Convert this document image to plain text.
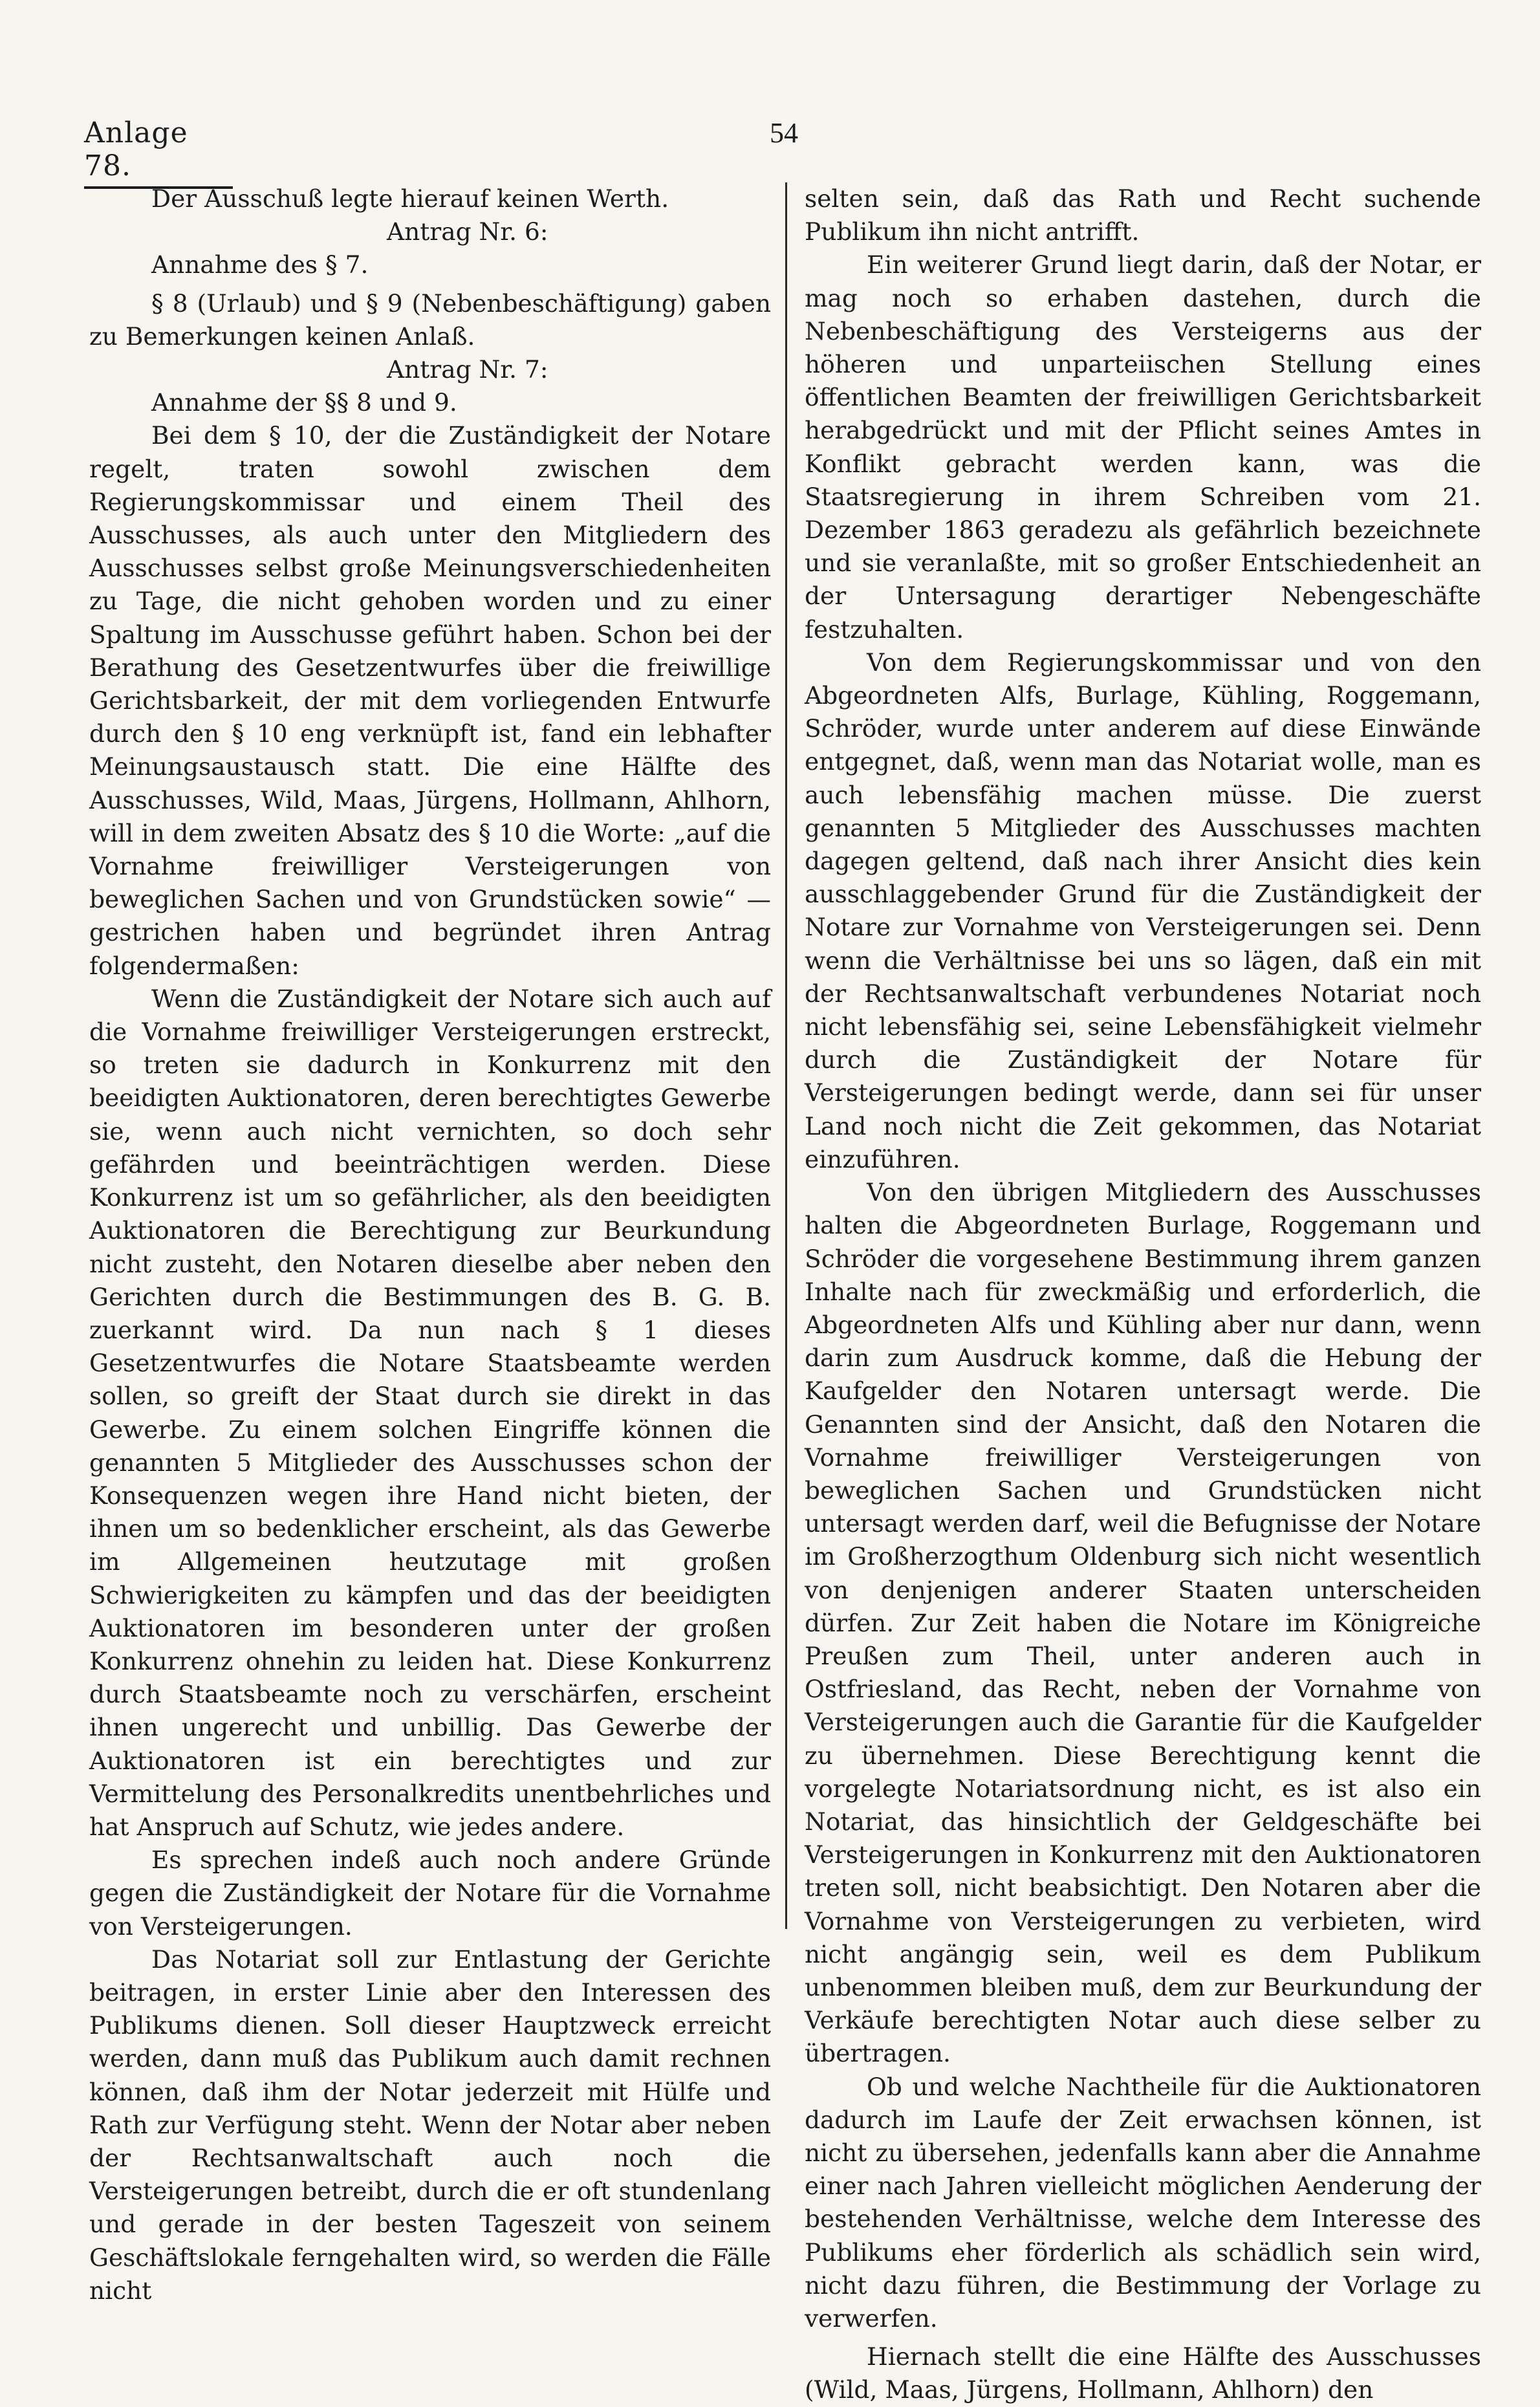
Anlage 78.
54

Der Ausschuß legte hierauf keinen Werth.

Antrag Nr. 6:

Annahme des § 7.

§ 8 (Urlaub) und § 9 (Nebenbeschäftigung) gaben zu Bemerkungen keinen Anlaß.

Antrag Nr. 7:

Annahme der §§ 8 und 9.

Bei dem § 10, der die Zuständigkeit der Notare regelt, traten sowohl zwischen dem Regierungskommissar und einem Theil des Ausschusses, als auch unter den Mitgliedern des Ausschusses selbst große Meinungsverschiedenheiten zu Tage, die nicht gehoben worden und zu einer Spaltung im Ausschusse geführt haben. Schon bei der Berathung des Gesetzentwurfes über die freiwillige Gerichtsbarkeit, der mit dem vorliegenden Entwurfe durch den § 10 eng verknüpft ist, fand ein lebhafter Meinungsaustausch statt. Die eine Hälfte des Ausschusses, Wild, Maas, Jürgens, Hollmann, Ahlhorn, will in dem zweiten Absatz des § 10 die Worte: „auf die Vornahme freiwilliger Versteigerungen von beweglichen Sachen und von Grundstücken sowie“ — gestrichen haben und begründet ihren Antrag folgendermaßen:

Wenn die Zuständigkeit der Notare sich auch auf die Vornahme freiwilliger Versteigerungen erstreckt, so treten sie dadurch in Konkurrenz mit den beeidigten Auktionatoren, deren berechtigtes Gewerbe sie, wenn auch nicht vernichten, so doch sehr gefährden und beeinträchtigen werden. Diese Konkurrenz ist um so gefährlicher, als den beeidigten Auktionatoren die Berechtigung zur Beurkundung nicht zusteht, den Notaren dieselbe aber neben den Gerichten durch die Bestimmungen des B. G. B. zuerkannt wird. Da nun nach § 1 dieses Gesetzentwurfes die Notare Staatsbeamte werden sollen, so greift der Staat durch sie direkt in das Gewerbe. Zu einem solchen Eingriffe können die genannten 5 Mitglieder des Ausschusses schon der Konsequenzen wegen ihre Hand nicht bieten, der ihnen um so bedenklicher erscheint, als das Gewerbe im Allgemeinen heutzutage mit großen Schwierigkeiten zu kämpfen und das der beeidigten Auktionatoren im besonderen unter der großen Konkurrenz ohnehin zu leiden hat. Diese Konkurrenz durch Staatsbeamte noch zu verschärfen, erscheint ihnen ungerecht und unbillig. Das Gewerbe der Auktionatoren ist ein berechtigtes und zur Vermittelung des Personalkredits unentbehrliches und hat Anspruch auf Schutz, wie jedes andere.

Es sprechen indeß auch noch andere Gründe gegen die Zuständigkeit der Notare für die Vornahme von Versteigerungen.

Das Notariat soll zur Entlastung der Gerichte beitragen, in erster Linie aber den Interessen des Publikums dienen. Soll dieser Hauptzweck erreicht werden, dann muß das Publikum auch damit rechnen können, daß ihm der Notar jederzeit mit Hülfe und Rath zur Verfügung steht. Wenn der Notar aber neben der Rechtsanwaltschaft auch noch die Versteigerungen betreibt, durch die er oft stundenlang und gerade in der besten Tageszeit von seinem Geschäftslokale ferngehalten wird, so werden die Fälle nicht

selten sein, daß das Rath und Recht suchende Publikum ihn nicht antrifft.

Ein weiterer Grund liegt darin, daß der Notar, er mag noch so erhaben dastehen, durch die Nebenbeschäftigung des Versteigerns aus der höheren und unparteiischen Stellung eines öffentlichen Beamten der freiwilligen Gerichtsbarkeit herabgedrückt und mit der Pflicht seines Amtes in Konflikt gebracht werden kann, was die Staatsregierung in ihrem Schreiben vom 21. Dezember 1863 geradezu als gefährlich bezeichnete und sie veranlaßte, mit so großer Entschiedenheit an der Untersagung derartiger Nebengeschäfte festzuhalten.

Von dem Regierungskommissar und von den Abgeordneten Alfs, Burlage, Kühling, Roggemann, Schröder, wurde unter anderem auf diese Einwände entgegnet, daß, wenn man das Notariat wolle, man es auch lebensfähig machen müsse. Die zuerst genannten 5 Mitglieder des Ausschusses machten dagegen geltend, daß nach ihrer Ansicht dies kein ausschlaggebender Grund für die Zuständigkeit der Notare zur Vornahme von Versteigerungen sei. Denn wenn die Verhältnisse bei uns so lägen, daß ein mit der Rechtsanwaltschaft verbundenes Notariat noch nicht lebensfähig sei, seine Lebensfähigkeit vielmehr durch die Zuständigkeit der Notare für Versteigerungen bedingt werde, dann sei für unser Land noch nicht die Zeit gekommen, das Notariat einzuführen.

Von den übrigen Mitgliedern des Ausschusses halten die Abgeordneten Burlage, Roggemann und Schröder die vorgesehene Bestimmung ihrem ganzen Inhalte nach für zweckmäßig und erforderlich, die Abgeordneten Alfs und Kühling aber nur dann, wenn darin zum Ausdruck komme, daß die Hebung der Kaufgelder den Notaren untersagt werde. Die Genannten sind der Ansicht, daß den Notaren die Vornahme freiwilliger Versteigerungen von beweglichen Sachen und Grundstücken nicht untersagt werden darf, weil die Befugnisse der Notare im Großherzogthum Oldenburg sich nicht wesentlich von denjenigen anderer Staaten unterscheiden dürfen. Zur Zeit haben die Notare im Königreiche Preußen zum Theil, unter anderen auch in Ostfriesland, das Recht, neben der Vornahme von Versteigerungen auch die Garantie für die Kaufgelder zu übernehmen. Diese Berechtigung kennt die vorgelegte Notariatsordnung nicht, es ist also ein Notariat, das hinsichtlich der Geldgeschäfte bei Versteigerungen in Konkurrenz mit den Auktionatoren treten soll, nicht beabsichtigt. Den Notaren aber die Vornahme von Versteigerungen zu verbieten, wird nicht angängig sein, weil es dem Publikum unbenommen bleiben muß, dem zur Beurkundung der Verkäufe berechtigten Notar auch diese selber zu übertragen.

Ob und welche Nachtheile für die Auktionatoren dadurch im Laufe der Zeit erwachsen können, ist nicht zu übersehen, jedenfalls kann aber die Annahme einer nach Jahren vielleicht möglichen Aenderung der bestehenden Verhältnisse, welche dem Interesse des Publikums eher förderlich als schädlich sein wird, nicht dazu führen, die Bestimmung der Vorlage zu verwerfen.

Hiernach stellt die eine Hälfte des Ausschusses (Wild, Maas, Jürgens, Hollmann, Ahlhorn) den
